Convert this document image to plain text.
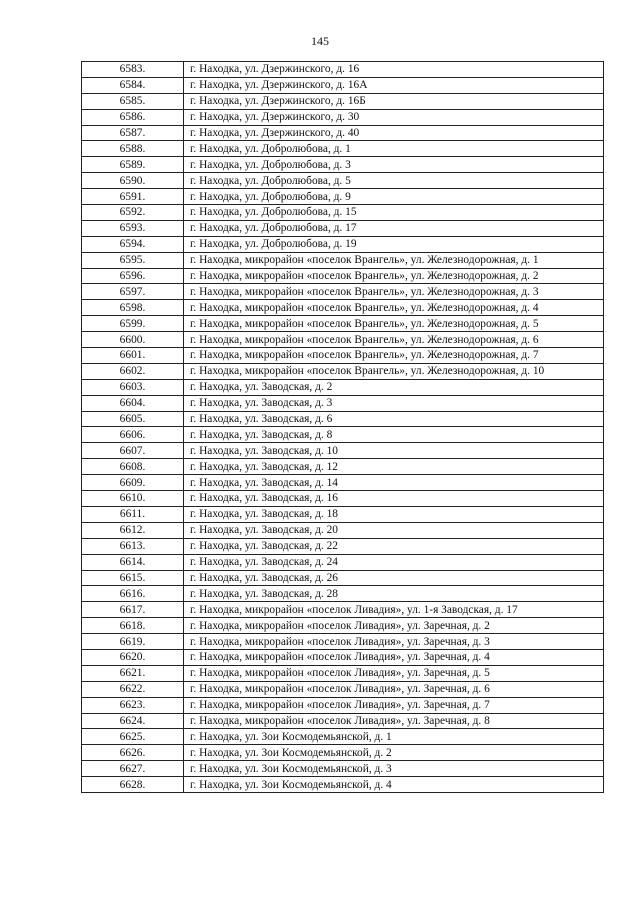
145
6583.	г. Находка, ул. Дзержинского, д. 16
6584.	г. Находка, ул. Дзержинского, д. 16А
6585.	г. Находка, ул. Дзержинского, д. 16Б
6586.	г. Находка, ул. Дзержинского, д. 30
6587.	г. Находка, ул. Дзержинского, д. 40
6588.	г. Находка, ул. Добролюбова, д. 1
6589.	г. Находка, ул. Добролюбова, д. 3
6590.	г. Находка, ул. Добролюбова, д. 5
6591.	г. Находка, ул. Добролюбова, д. 9
6592.	г. Находка, ул. Добролюбова, д. 15
6593.	г. Находка, ул. Добролюбова, д. 17
6594.	г. Находка, ул. Добролюбова, д. 19
6595.	г. Находка, микрорайон «поселок Врангель», ул. Железнодорожная, д. 1
6596.	г. Находка, микрорайон «поселок Врангель», ул. Железнодорожная, д. 2
6597.	г. Находка, микрорайон «поселок Врангель», ул. Железнодорожная, д. 3
6598.	г. Находка, микрорайон «поселок Врангель», ул. Железнодорожная, д. 4
6599.	г. Находка, микрорайон «поселок Врангель», ул. Железнодорожная, д. 5
6600.	г. Находка, микрорайон «поселок Врангель», ул. Железнодорожная, д. 6
6601.	г. Находка, микрорайон «поселок Врангель», ул. Железнодорожная, д. 7
6602.	г. Находка, микрорайон «поселок Врангель», ул. Железнодорожная, д. 10
6603.	г. Находка, ул. Заводская, д. 2
6604.	г. Находка, ул. Заводская, д. 3
6605.	г. Находка, ул. Заводская, д. 6
6606.	г. Находка, ул. Заводская, д. 8
6607.	г. Находка, ул. Заводская, д. 10
6608.	г. Находка, ул. Заводская, д. 12
6609.	г. Находка, ул. Заводская, д. 14
6610.	г. Находка, ул. Заводская, д. 16
6611.	г. Находка, ул. Заводская, д. 18
6612.	г. Находка, ул. Заводская, д. 20
6613.	г. Находка, ул. Заводская, д. 22
6614.	г. Находка, ул. Заводская, д. 24
6615.	г. Находка, ул. Заводская, д. 26
6616.	г. Находка, ул. Заводская, д. 28
6617.	г. Находка, микрорайон «поселок Ливадия», ул. 1-я Заводская, д. 17
6618.	г. Находка, микрорайон «поселок Ливадия», ул. Заречная, д. 2
6619.	г. Находка, микрорайон «поселок Ливадия», ул. Заречная, д. 3
6620.	г. Находка, микрорайон «поселок Ливадия», ул. Заречная, д. 4
6621.	г. Находка, микрорайон «поселок Ливадия», ул. Заречная, д. 5
6622.	г. Находка, микрорайон «поселок Ливадия», ул. Заречная, д. 6
6623.	г. Находка, микрорайон «поселок Ливадия», ул. Заречная, д. 7
6624.	г. Находка, микрорайон «поселок Ливадия», ул. Заречная, д. 8
6625.	г. Находка, ул. Зои Космодемьянской, д. 1
6626.	г. Находка, ул. Зои Космодемьянской, д. 2
6627.	г. Находка, ул. Зои Космодемьянской, д. 3
6628.	г. Находка, ул. Зои Космодемьянской, д. 4
